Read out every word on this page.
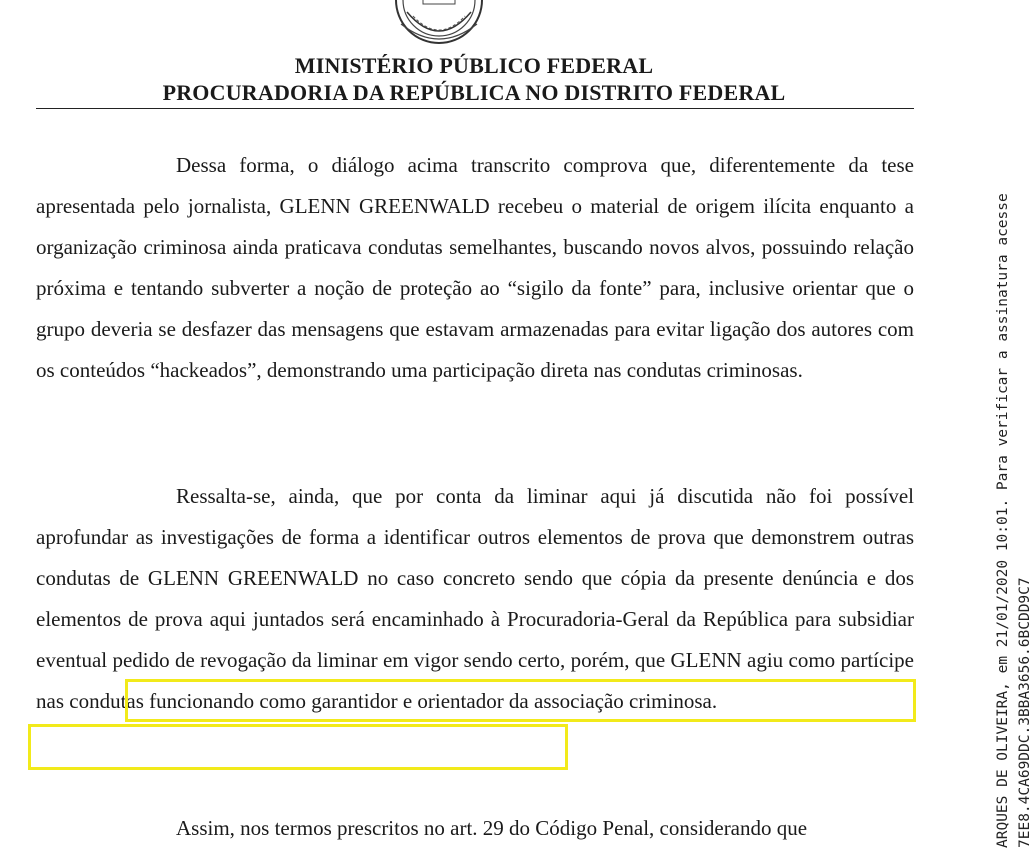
MINISTÉRIO PÚBLICO FEDERAL
PROCURADORIA DA REPÚBLICA NO DISTRITO FEDERAL

Dessa forma, o diálogo acima transcrito comprova que, diferentemente da tese apresentada pelo jornalista, GLENN GREENWALD recebeu o material de origem ilícita enquanto a organização criminosa ainda praticava condutas semelhantes, buscando novos alvos, possuindo relação próxima e tentando subverter a noção de proteção ao “sigilo da fonte” para, inclusive orientar que o grupo deveria se desfazer das mensagens que estavam armazenadas para evitar ligação dos autores com os conteúdos “hackeados”, demonstrando uma participação direta nas condutas criminosas.

Ressalta-se, ainda, que por conta da liminar aqui já discutida não foi possível aprofundar as investigações de forma a identificar outros elementos de prova que demonstrem outras condutas de GLENN GREENWALD no caso concreto sendo que cópia da presente denúncia e dos elementos de prova aqui juntados será encaminhado à Procuradoria-Geral da República para subsidiar eventual pedido de revogação da liminar em vigor sendo certo, porém, que GLENN agiu como partícipe nas condutas funcionando como garantidor e orientador da associação criminosa.

Assim, nos termos prescritos no art. 29 do Código Penal, considerando que	ARQUES DE OLIVEIRA, em 21/01/2020 10:01. Para verificar a assinatura acesse 7EE8.4CA69DDC.3BBA3656.6BCDD9C7
